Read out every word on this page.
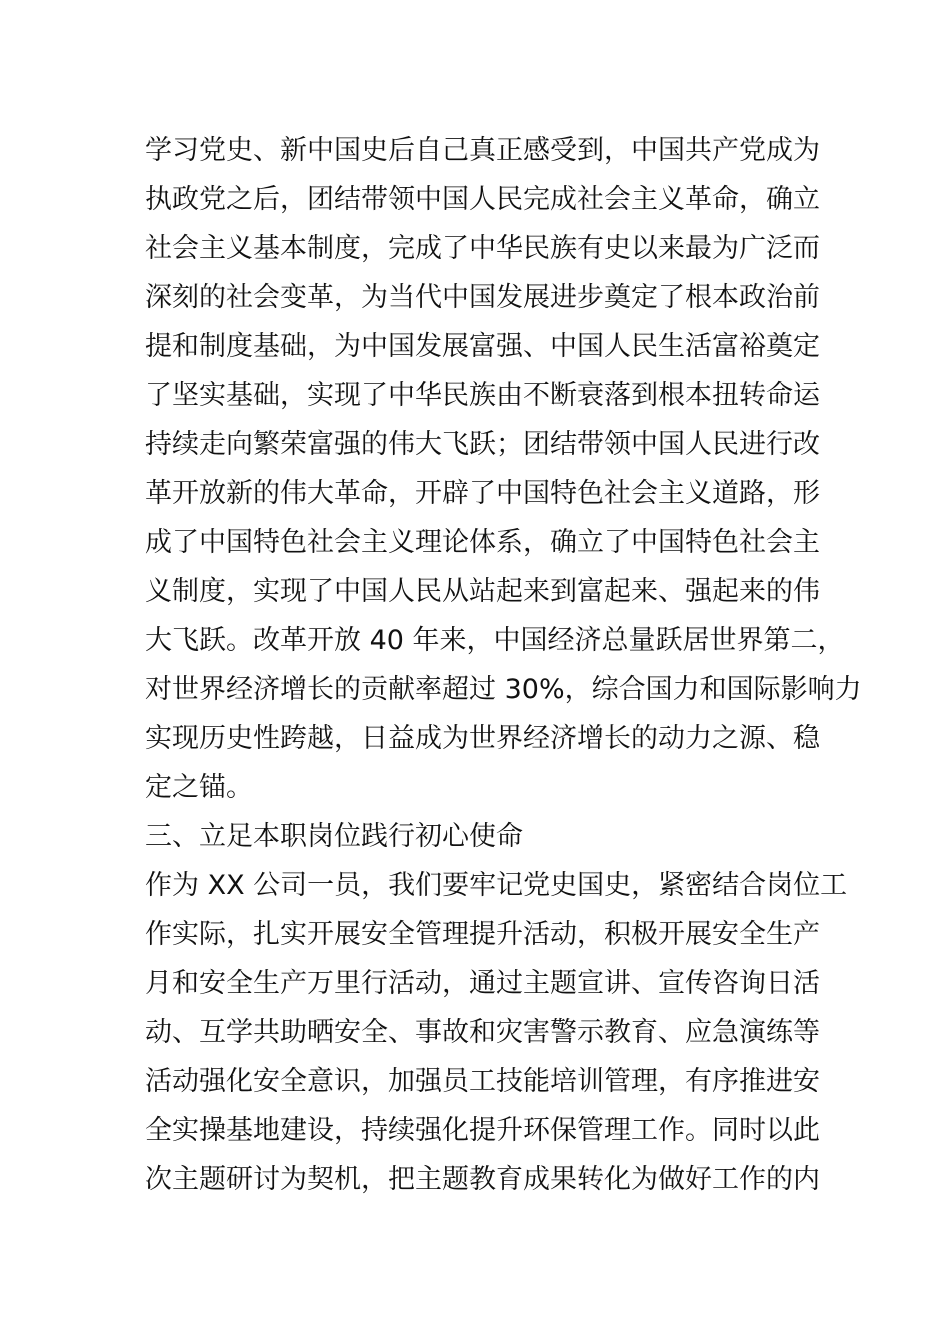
学习党史、新中国史后自己真正感受到，中国共产党成为
执政党之后，团结带领中国人民完成社会主义革命，确立
社会主义基本制度，完成了中华民族有史以来最为广泛而
深刻的社会变革，为当代中国发展进步奠定了根本政治前
提和制度基础，为中国发展富强、中国人民生活富裕奠定
了坚实基础，实现了中华民族由不断衰落到根本扭转命运
持续走向繁荣富强的伟大飞跃；团结带领中国人民进行改
革开放新的伟大革命，开辟了中国特色社会主义道路，形
成了中国特色社会主义理论体系，确立了中国特色社会主
义制度，实现了中国人民从站起来到富起来、强起来的伟
大飞跃。改革开放 40 年来，中国经济总量跃居世界第二，
对世界经济增长的贡献率超过 30%，综合国力和国际影响力
实现历史性跨越，日益成为世界经济增长的动力之源、稳
定之锚。
三、立足本职岗位践行初心使命
作为 XX 公司一员，我们要牢记党史国史，紧密结合岗位工
作实际，扎实开展安全管理提升活动，积极开展安全生产
月和安全生产万里行活动，通过主题宣讲、宣传咨询日活
动、互学共助晒安全、事故和灾害警示教育、应急演练等
活动强化安全意识，加强员工技能培训管理，有序推进安
全实操基地建设，持续强化提升环保管理工作。同时以此
次主题研讨为契机，把主题教育成果转化为做好工作的内
